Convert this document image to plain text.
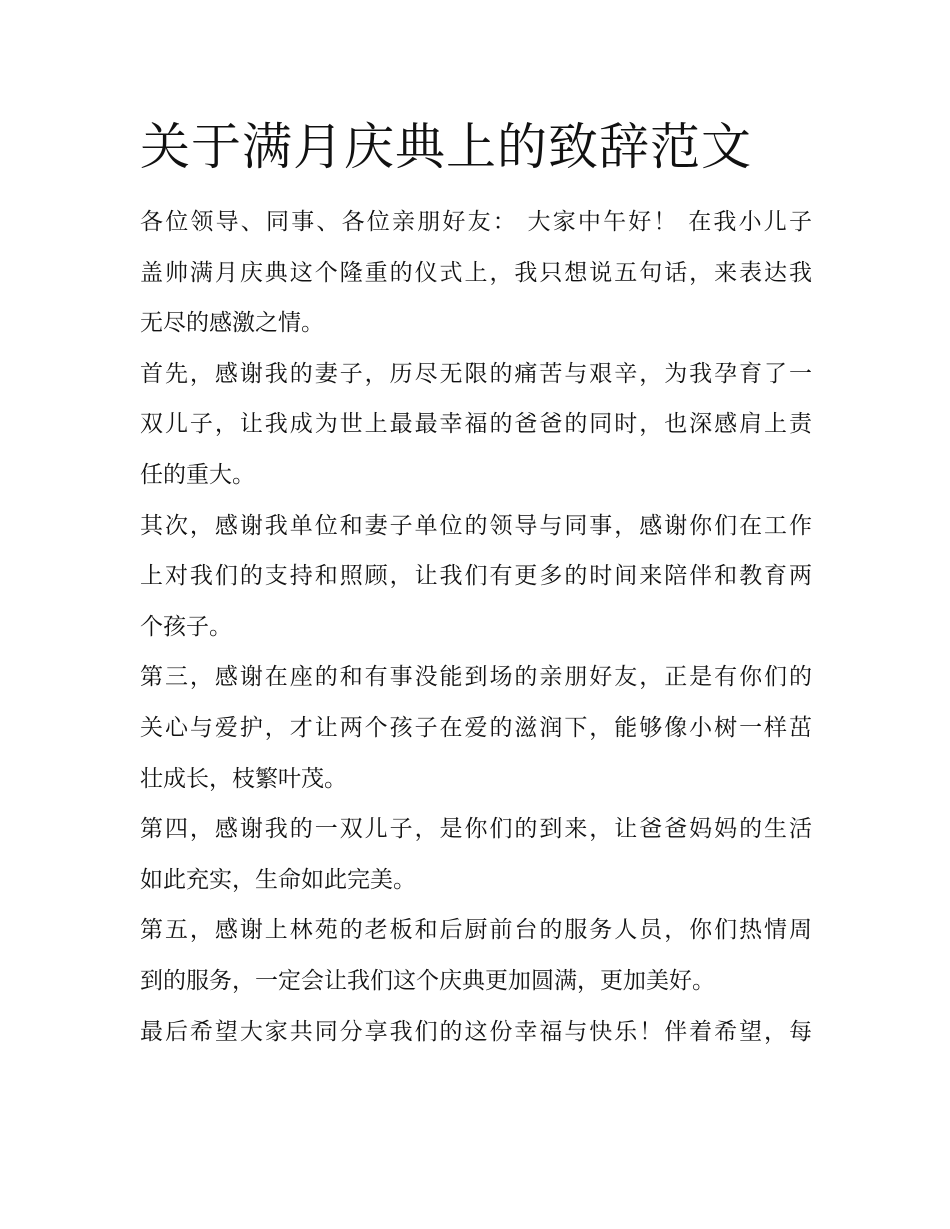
关于满月庆典上的致辞范文

各位领导、同事、各位亲朋好友： 大家中午好！ 在我小儿子
盖帅满月庆典这个隆重的仪式上，我只想说五句话，来表达我
无尽的感激之情。

首先，感谢我的妻子，历尽无限的痛苦与艰辛，为我孕育了一
双儿子，让我成为世上最最幸福的爸爸的同时，也深感肩上责
任的重大。

其次，感谢我单位和妻子单位的领导与同事，感谢你们在工作
上对我们的支持和照顾，让我们有更多的时间来陪伴和教育两
个孩子。

第三，感谢在座的和有事没能到场的亲朋好友，正是有你们的
关心与爱护，才让两个孩子在爱的滋润下，能够像小树一样茁
壮成长，枝繁叶茂。

第四，感谢我的一双儿子，是你们的到来，让爸爸妈妈的生活
如此充实，生命如此完美。

第五，感谢上林苑的老板和后厨前台的服务人员，你们热情周
到的服务，一定会让我们这个庆典更加圆满，更加美好。

最后希望大家共同分享我们的这份幸福与快乐！伴着希望，每
